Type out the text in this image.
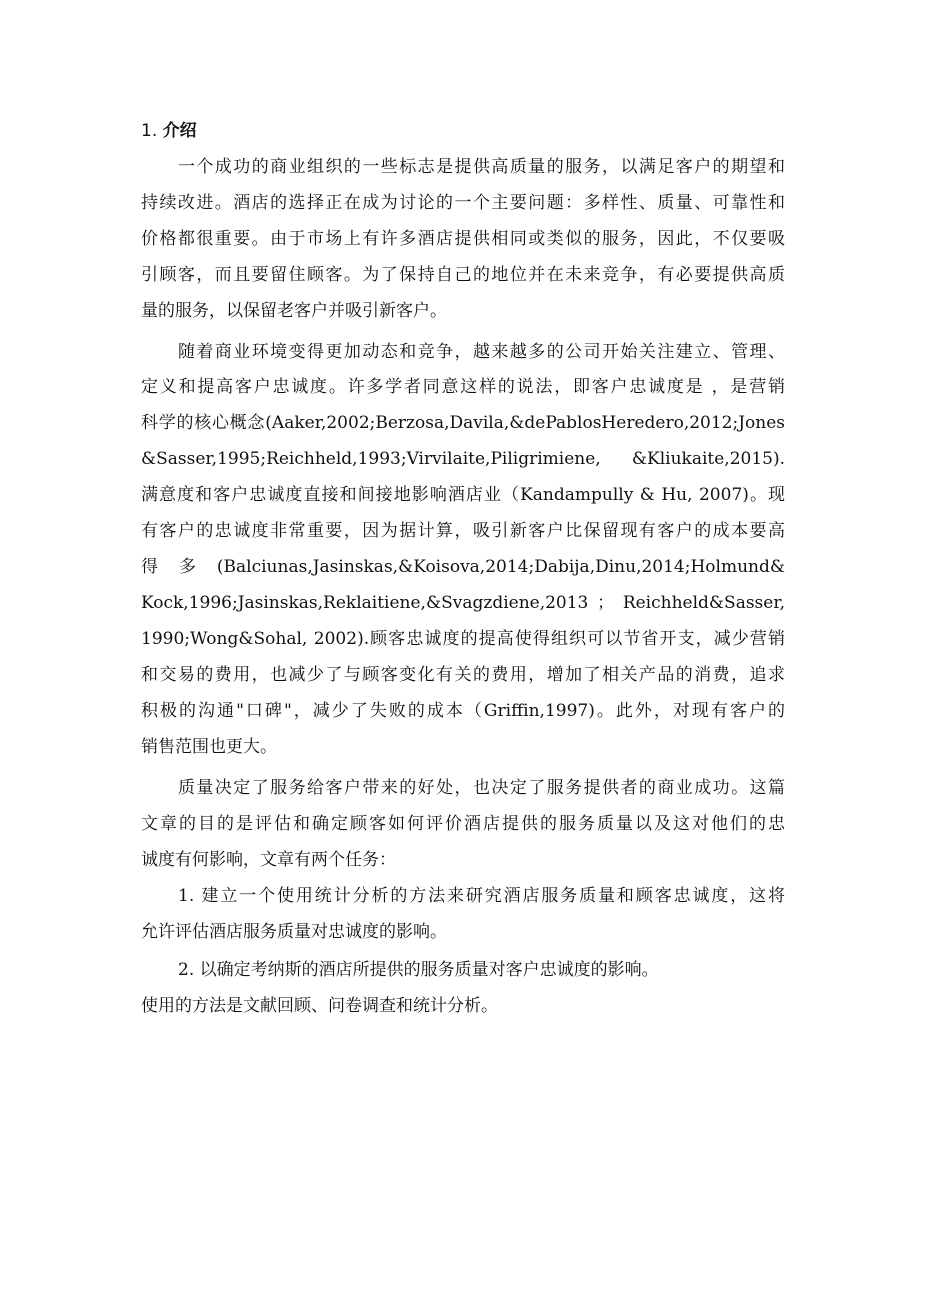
1. 介绍
一个成功的商业组织的一些标志是提供高质量的服务，以满足客户的期望和
持续改进。酒店的选择正在成为讨论的一个主要问题：多样性、质量、可靠性和
价格都很重要。由于市场上有许多酒店提供相同或类似的服务，因此，不仅要吸
引顾客，而且要留住顾客。为了保持自己的地位并在未来竞争，有必要提供高质
量的服务，以保留老客户并吸引新客户。
随着商业环境变得更加动态和竞争，越来越多的公司开始关注建立、管理、
定义和提高客户忠诚度。许多学者同意这样的说法，即客户忠诚度是 ，是营销
科学的核心概念(Aaker,2002;Berzosa,Davila,&dePablosHeredero,2012;Jones
&Sasser,1995;Reichheld,1993;Virvilaite,Piligrimiene, &Kliukaite,2015).
满意度和客户忠诚度直接和间接地影响酒店业（Kandampully & Hu, 2007)。现
有客户的忠诚度非常重要，因为据计算，吸引新客户比保留现有客户的成本要高
得 多 (Balciunas,Jasinskas,&Koisova,2014;Dabija,Dinu,2014;Holmund&
Kock,1996;Jasinskas,Reklaitiene,&Svagzdiene,2013 ； Reichheld&Sasser,
1990;Wong&Sohal, 2002).顾客忠诚度的提高使得组织可以节省开支，减少营销
和交易的费用，也减少了与顾客变化有关的费用，增加了相关产品的消费，追求
积极的沟通"口碑"，减少了失败的成本（Griffin,1997)。此外，对现有客户的
销售范围也更大。
质量决定了服务给客户带来的好处，也决定了服务提供者的商业成功。这篇
文章的目的是评估和确定顾客如何评价酒店提供的服务质量以及这对他们的忠
诚度有何影响，文章有两个任务：
1. 建立一个使用统计分析的方法来研究酒店服务质量和顾客忠诚度，这将
允许评估酒店服务质量对忠诚度的影响。
2. 以确定考纳斯的酒店所提供的服务质量对客户忠诚度的影响。
使用的方法是文献回顾、问卷调查和统计分析。
